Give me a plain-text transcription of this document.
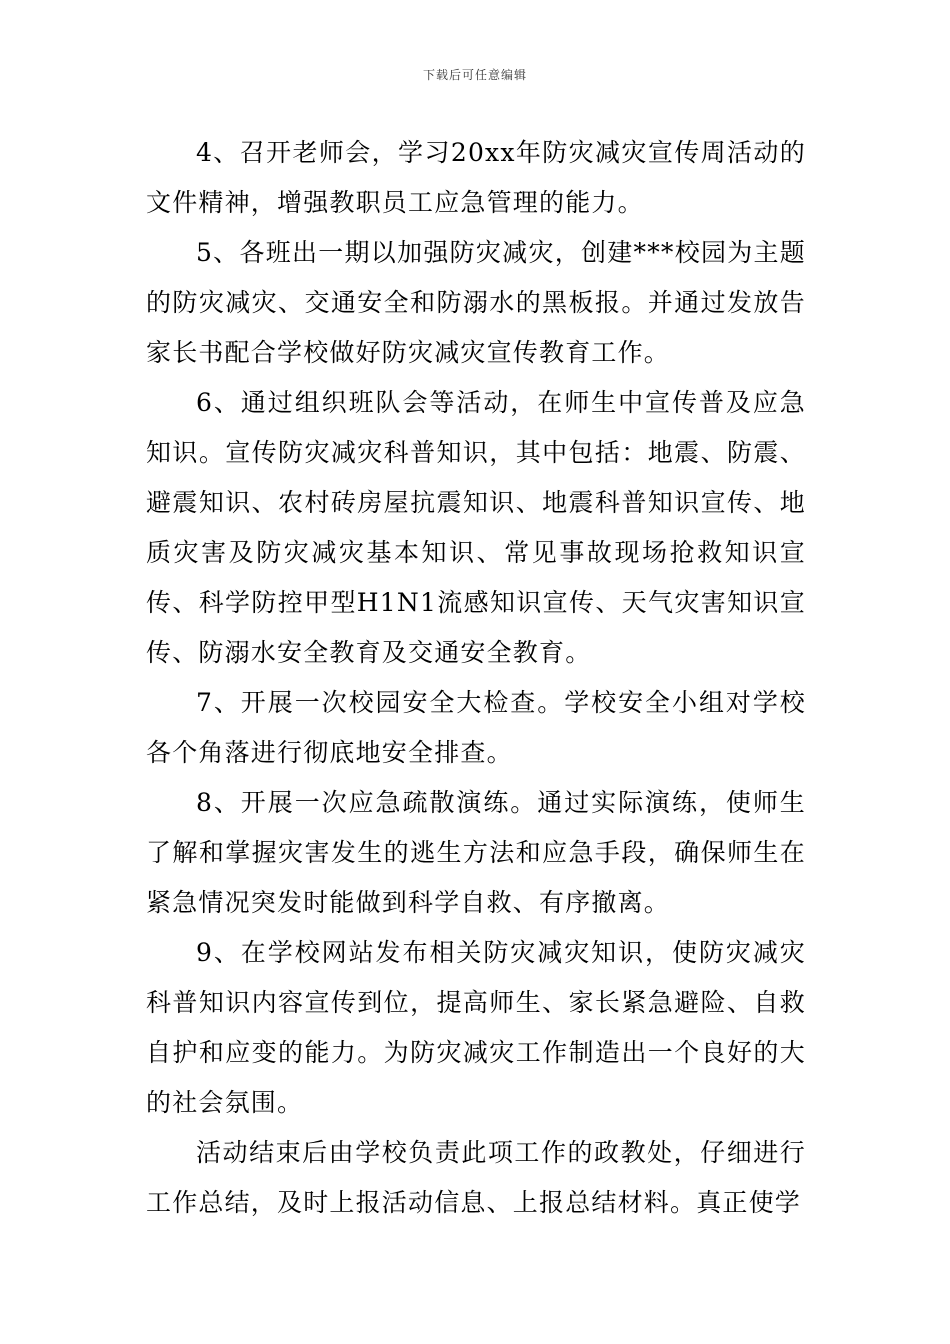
下载后可任意编辑

4、召开老师会，学习20xx年防灾减灾宣传周活动的文件精神，增强教职员工应急管理的能力。

5、各班出一期以加强防灾减灾，创建***校园为主题的防灾减灾、交通安全和防溺水的黑板报。并通过发放告家长书配合学校做好防灾减灾宣传教育工作。

6、通过组织班队会等活动，在师生中宣传普及应急知识。宣传防灾减灾科普知识，其中包括：地震、防震、避震知识、农村砖房屋抗震知识、地震科普知识宣传、地质灾害及防灾减灾基本知识、常见事故现场抢救知识宣传、科学防控甲型H1N1流感知识宣传、天气灾害知识宣传、防溺水安全教育及交通安全教育。

7、开展一次校园安全大检查。学校安全小组对学校各个角落进行彻底地安全排查。

8、开展一次应急疏散演练。通过实际演练，使师生了解和掌握灾害发生的逃生方法和应急手段，确保师生在紧急情况突发时能做到科学自救、有序撤离。

9、在学校网站发布相关防灾减灾知识，使防灾减灾科普知识内容宣传到位，提高师生、家长紧急避险、自救自护和应变的能力。为防灾减灾工作制造出一个良好的大的社会氛围。

活动结束后由学校负责此项工作的政教处，仔细进行工作总结，及时上报活动信息、上报总结材料。真正使学
